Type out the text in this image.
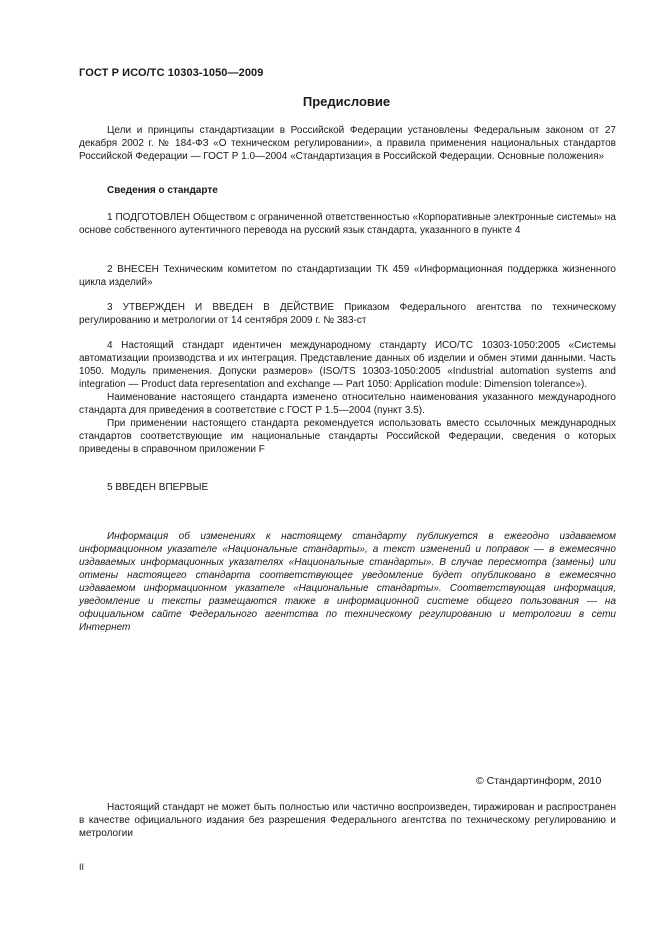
ГОСТ Р ИСО/ТС 10303-1050—2009
Предисловие

Цели и принципы стандартизации в Российской Федерации установлены Федеральным законом от 27 декабря 2002 г. № 184-ФЗ «О техническом регулировании», а правила применения национальных стандартов Российской Федерации — ГОСТ Р 1.0—2004 «Стандартизация в Российской Федерации. Основные положения»

Сведения о стандарте

1 ПОДГОТОВЛЕН Обществом с ограниченной ответственностью «Корпоративные электронные системы» на основе собственного аутентичного перевода на русский язык стандарта, указанного в пункте 4

2 ВНЕСЕН Техническим комитетом по стандартизации ТК 459 «Информационная поддержка жизненного цикла изделий»

3 УТВЕРЖДЕН И ВВЕДЕН В ДЕЙСТВИЕ Приказом Федерального агентства по техническому регулированию и метрологии от 14 сентября 2009 г. № 383-ст

4 Настоящий стандарт идентичен международному стандарту ИСО/ТС 10303-1050:2005 «Системы автоматизации производства и их интеграция. Представление данных об изделии и обмен этими данными. Часть 1050. Модуль применения. Допуски размеров» (ISO/TS 10303-1050:2005 «Industrial automation systems and integration — Product data representation and exchange — Part 1050: Application module: Dimension tolerance»).

Наименование настоящего стандарта изменено относительно наименования указанного международного стандарта для приведения в соответствие с ГОСТ Р 1.5—2004 (пункт 3.5).

При применении настоящего стандарта рекомендуется использовать вместо ссылочных международных стандартов соответствующие им национальные стандарты Российской Федерации, сведения о которых приведены в справочном приложении F

5 ВВЕДЕН ВПЕРВЫЕ

Информация об изменениях к настоящему стандарту публикуется в ежегодно издаваемом информационном указателе «Национальные стандарты», а текст изменений и поправок — в ежемесячно издаваемых информационных указателях «Национальные стандарты». В случае пересмотра (замены) или отмены настоящего стандарта соответствующее уведомление будет опубликовано в ежемесячно издаваемом информационном указателе «Национальные стандарты». Соответствующая информация, уведомление и тексты размещаются также в информационной системе общего пользования — на официальном сайте Федерального агентства по техническому регулированию и метрологии в сети Интернет

© Стандартинформ, 2010

Настоящий стандарт не может быть полностью или частично воспроизведен, тиражирован и распространен в качестве официального издания без разрешения Федерального агентства по техническому регулированию и метрологии

II
